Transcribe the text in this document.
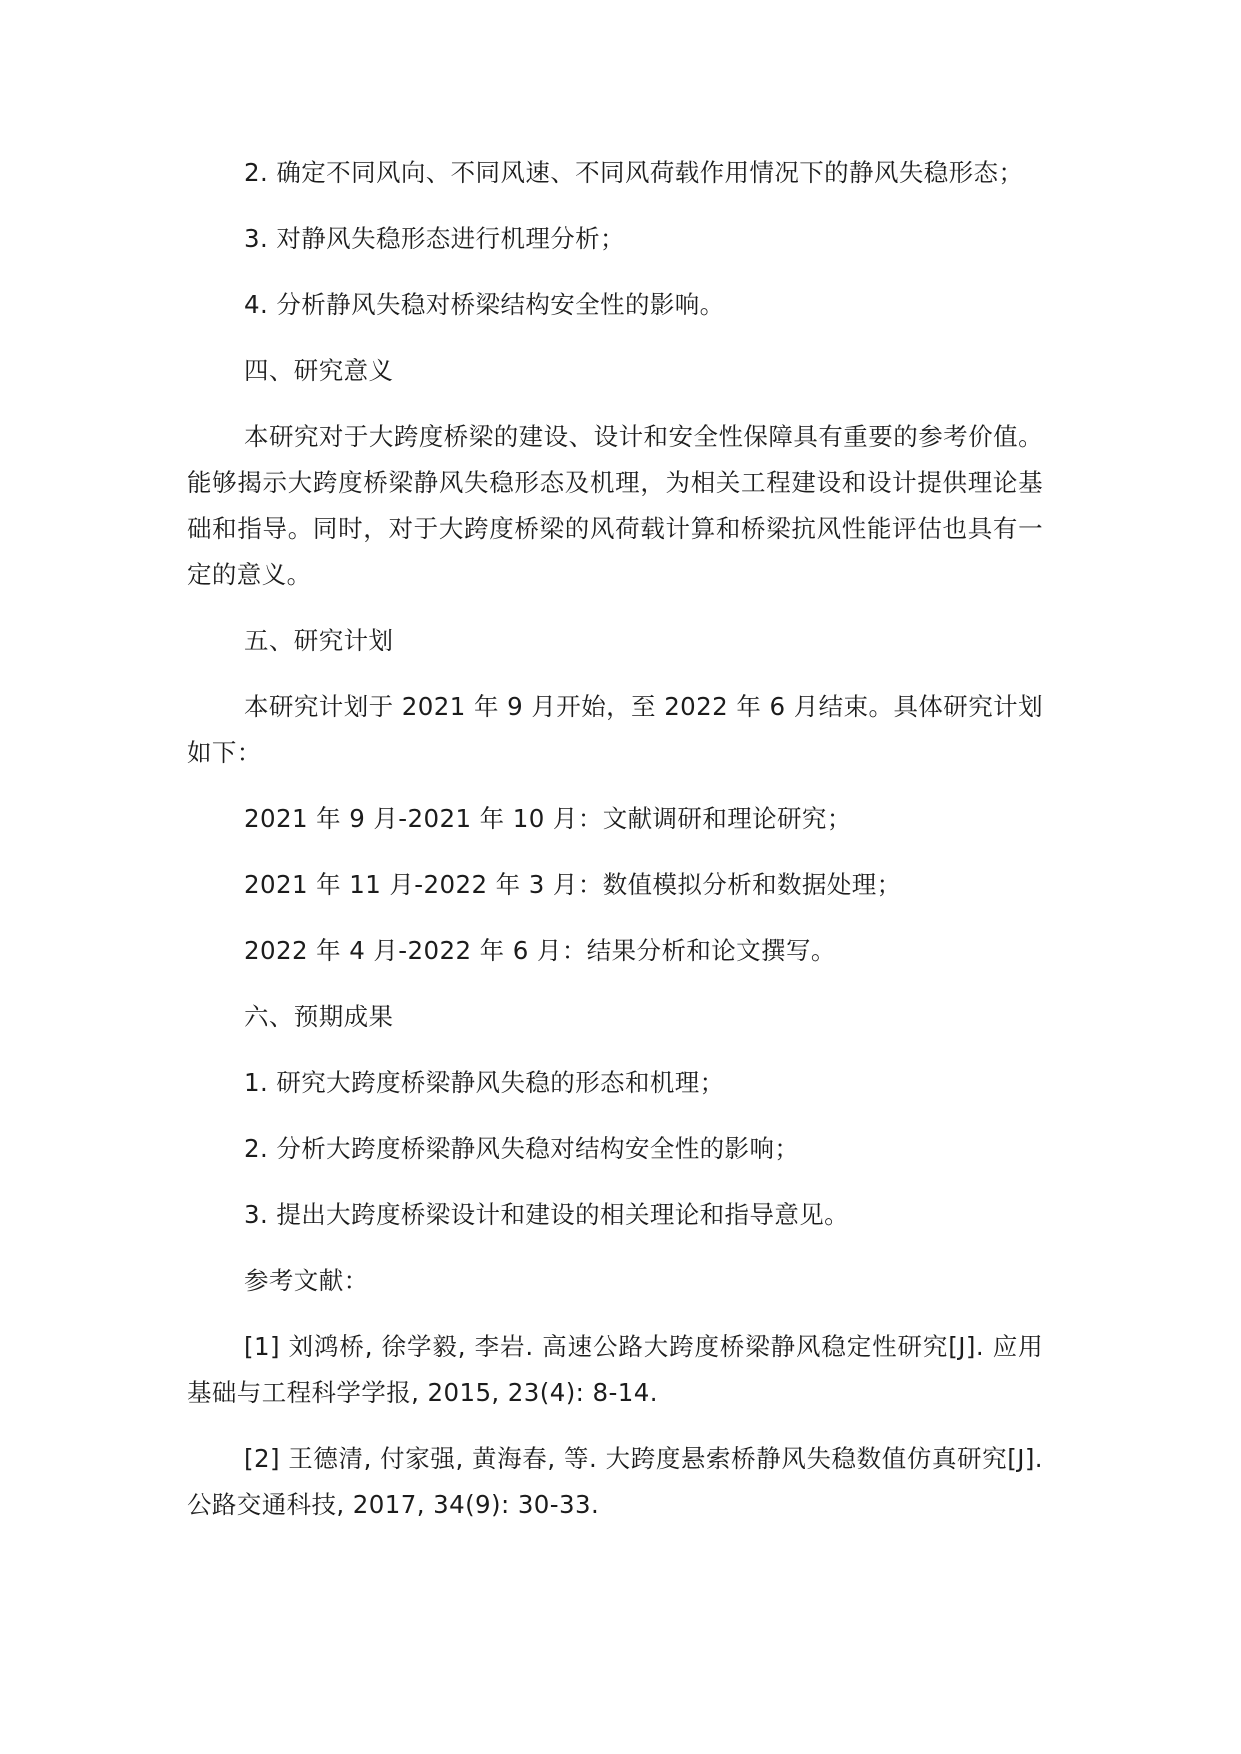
2. 确定不同风向、不同风速、不同风荷载作用情况下的静风失稳形态；

3. 对静风失稳形态进行机理分析；

4. 分析静风失稳对桥梁结构安全性的影响。

四、研究意义

本研究对于大跨度桥梁的建设、设计和安全性保障具有重要的参考价值。能够揭示大跨度桥梁静风失稳形态及机理，为相关工程建设和设计提供理论基础和指导。同时，对于大跨度桥梁的风荷载计算和桥梁抗风性能评估也具有一定的意义。

五、研究计划

本研究计划于 2021 年 9 月开始，至 2022 年 6 月结束。具体研究计划如下：

2021 年 9 月-2021 年 10 月：文献调研和理论研究；

2021 年 11 月-2022 年 3 月：数值模拟分析和数据处理；

2022 年 4 月-2022 年 6 月：结果分析和论文撰写。

六、预期成果

1. 研究大跨度桥梁静风失稳的形态和机理；

2. 分析大跨度桥梁静风失稳对结构安全性的影响；

3. 提出大跨度桥梁设计和建设的相关理论和指导意见。

参考文献：

[1] 刘鸿桥, 徐学毅, 李岩. 高速公路大跨度桥梁静风稳定性研究[J]. 应用基础与工程科学学报, 2015, 23(4): 8-14.

[2] 王德清, 付家强, 黄海春, 等. 大跨度悬索桥静风失稳数值仿真研究[J]. 公路交通科技, 2017, 34(9): 30-33.
